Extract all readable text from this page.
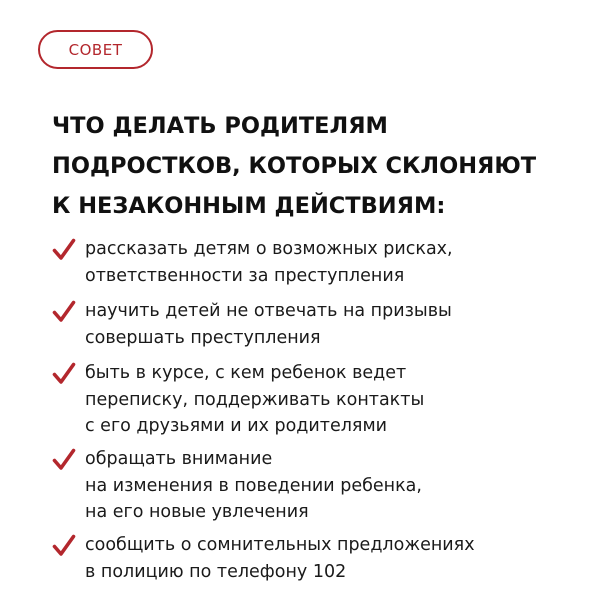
СОВЕТ
ЧТО ДЕЛАТЬ РОДИТЕЛЯМ
ПОДРОСТКОВ, КОТОРЫХ СКЛОНЯЮТ
К НЕЗАКОННЫМ ДЕЙСТВИЯМ:
рассказать детям о возможных рисках,
ответственности за преступления
научить детей не отвечать на призывы
совершать преступления
быть в курсе, с кем ребенок ведет
переписку, поддерживать контакты
с его друзьями и их родителями
обращать внимание
на изменения в поведении ребенка,
на его новые увлечения
сообщить о сомнительных предложениях
в полицию по телефону 102
